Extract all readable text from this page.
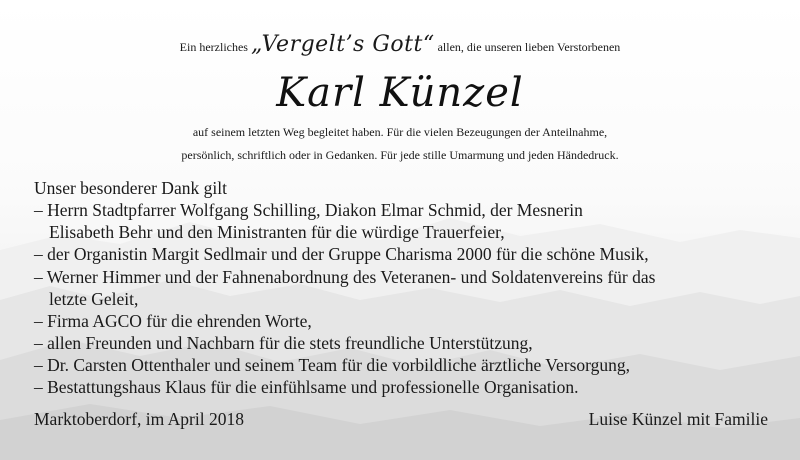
Ein herzliches „Vergelt’s Gott“ allen, die unseren lieben Verstorbenen
Karl Künzel
auf seinem letzten Weg begleitet haben. Für die vielen Bezeugungen der Anteilnahme,
persönlich, schriftlich oder in Gedanken. Für jede stille Umarmung und jeden Händedruck.
Unser besonderer Dank gilt
– Herrn Stadtpfarrer Wolfgang Schilling, Diakon Elmar Schmid, der Mesnerin
Elisabeth Behr und den Ministranten für die würdige Trauerfeier,
– der Organistin Margit Sedlmair und der Gruppe Charisma 2000 für die schöne Musik,
– Werner Himmer und der Fahnenabordnung des Veteranen- und Soldatenvereins für das
letzte Geleit,
– Firma AGCO für die ehrenden Worte,
– allen Freunden und Nachbarn für die stets freundliche Unterstützung,
– Dr. Carsten Ottenthaler und seinem Team für die vorbildliche ärztliche Versorgung,
– Bestattungshaus Klaus für die einfühlsame und professionelle Organisation.
Marktoberdorf, im April 2018	Luise Künzel mit Familie
